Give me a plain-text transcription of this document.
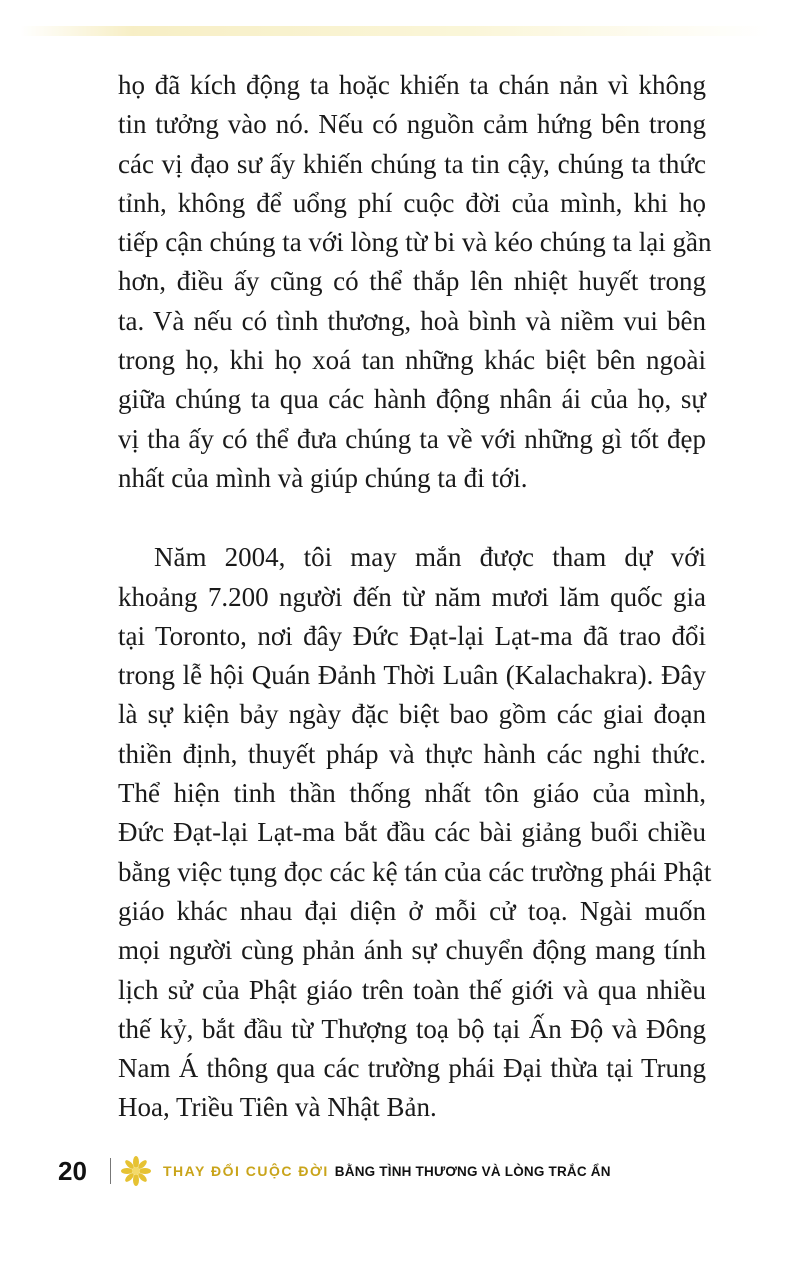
họ đã kích động ta hoặc khiến ta chán nản vì không
tin tưởng vào nó. Nếu có nguồn cảm hứng bên trong
các vị đạo sư ấy khiến chúng ta tin cậy, chúng ta thức
tỉnh, không để uổng phí cuộc đời của mình, khi họ
tiếp cận chúng ta với lòng từ bi và kéo chúng ta lại gần
hơn, điều ấy cũng có thể thắp lên nhiệt huyết trong
ta. Và nếu có tình thương, hoà bình và niềm vui bên
trong họ, khi họ xoá tan những khác biệt bên ngoài
giữa chúng ta qua các hành động nhân ái của họ, sự
vị tha ấy có thể đưa chúng ta về với những gì tốt đẹp
nhất của mình và giúp chúng ta đi tới.
Năm 2004, tôi may mắn được tham dự với
khoảng 7.200 người đến từ năm mươi lăm quốc gia
tại Toronto, nơi đây Đức Đạt-lại Lạt-ma đã trao đổi
trong lễ hội Quán Đảnh Thời Luân (Kalachakra). Đây
là sự kiện bảy ngày đặc biệt bao gồm các giai đoạn
thiền định, thuyết pháp và thực hành các nghi thức.
Thể hiện tinh thần thống nhất tôn giáo của mình,
Đức Đạt-lại Lạt-ma bắt đầu các bài giảng buổi chiều
bằng việc tụng đọc các kệ tán của các trường phái Phật
giáo khác nhau đại diện ở mỗi cử toạ. Ngài muốn
mọi người cùng phản ánh sự chuyển động mang tính
lịch sử của Phật giáo trên toàn thế giới và qua nhiều
thế kỷ, bắt đầu từ Thượng toạ bộ tại Ấn Độ và Đông
Nam Á thông qua các trường phái Đại thừa tại Trung
Hoa, Triều Tiên và Nhật Bản.
20	THAY ĐỔI CUỘC ĐỜI BẰNG TÌNH THƯƠNG VÀ LÒNG TRẮC ẨN
